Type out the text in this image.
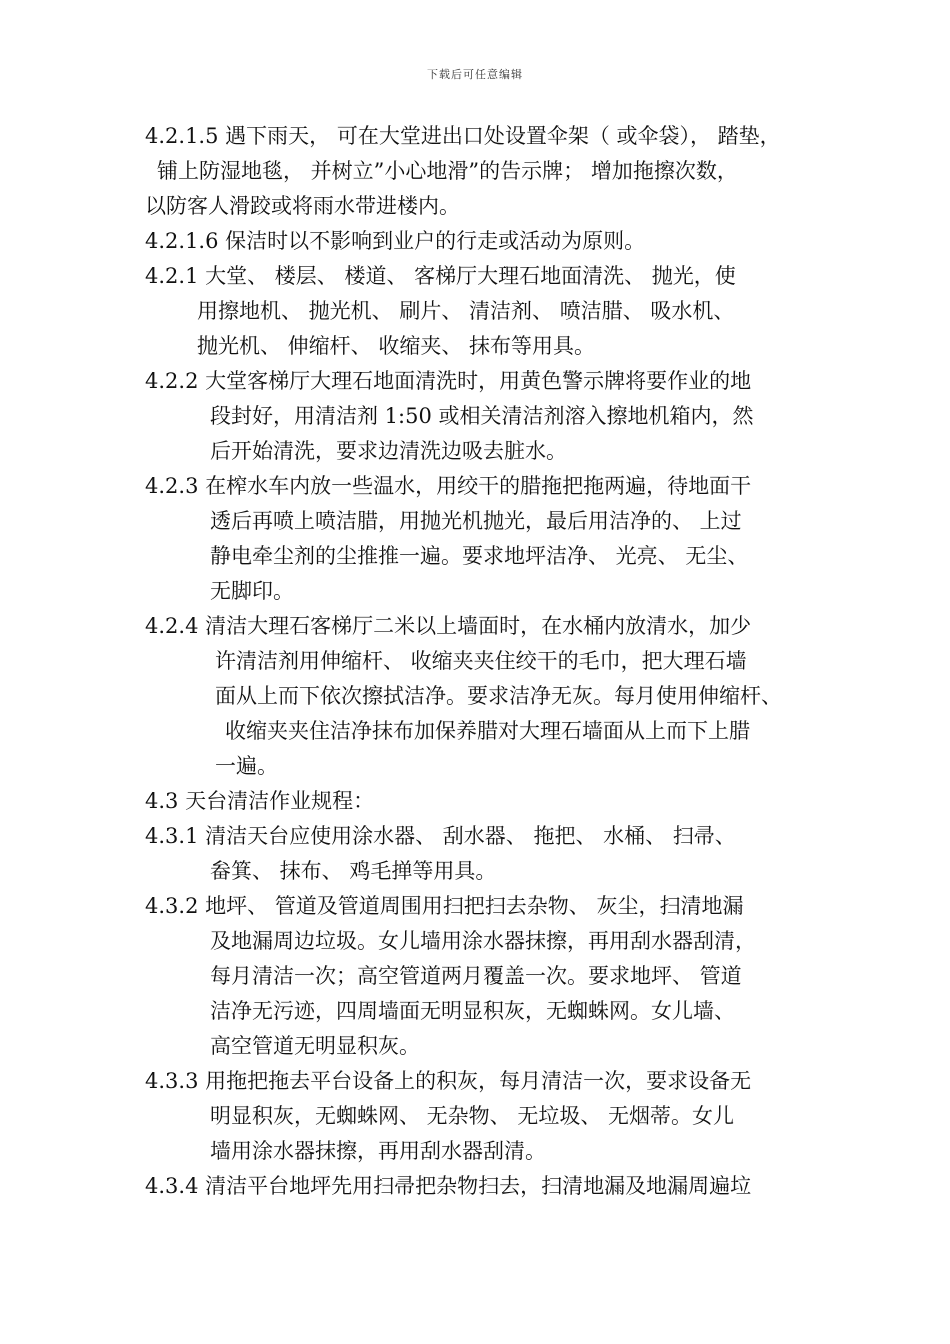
下载后可任意编辑
4.2.1.5 遇下雨天， 可在大堂进出口处设置伞架（ 或伞袋）， 踏垫，
铺上防湿地毯， 并树立”小心地滑”的告示牌； 增加拖擦次数，
以防客人滑跤或将雨水带进楼内。
4.2.1.6 保洁时以不影响到业户的行走或活动为原则。
4.2.1 大堂、 楼层、 楼道、 客梯厅大理石地面清洗、 抛光，使
用擦地机、 抛光机、 刷片、 清洁剂、 喷洁腊、 吸水机、
抛光机、 伸缩杆、 收缩夹、 抹布等用具。
4.2.2 大堂客梯厅大理石地面清洗时，用黄色警示牌将要作业的地
段封好，用清洁剂 1:50 或相关清洁剂溶入擦地机箱内，然
后开始清洗，要求边清洗边吸去脏水。
4.2.3 在榨水车内放一些温水，用绞干的腊拖把拖两遍，待地面干
透后再喷上喷洁腊，用抛光机抛光，最后用洁净的、 上过
静电牵尘剂的尘推推一遍。要求地坪洁净、 光亮、 无尘、
无脚印。
4.2.4 清洁大理石客梯厅二米以上墙面时，在水桶内放清水，加少
许清洁剂用伸缩杆、 收缩夹夹住绞干的毛巾，把大理石墙
面从上而下依次擦拭洁净。要求洁净无灰。每月使用伸缩杆、
收缩夹夹住洁净抹布加保养腊对大理石墙面从上而下上腊
一遍。
4.3 天台清洁作业规程：
4.3.1 清洁天台应使用涂水器、 刮水器、 拖把、 水桶、 扫帚、
畚箕、 抹布、 鸡毛掸等用具。
4.3.2 地坪、 管道及管道周围用扫把扫去杂物、 灰尘，扫清地漏
及地漏周边垃圾。女儿墙用涂水器抹擦，再用刮水器刮清，
每月清洁一次；高空管道两月覆盖一次。要求地坪、 管道
洁净无污迹，四周墙面无明显积灰，无蜘蛛网。女儿墙、
高空管道无明显积灰。
4.3.3 用拖把拖去平台设备上的积灰，每月清洁一次，要求设备无
明显积灰，无蜘蛛网、 无杂物、 无垃圾、 无烟蒂。女儿
墙用涂水器抹擦，再用刮水器刮清。
4.3.4 清洁平台地坪先用扫帚把杂物扫去，扫清地漏及地漏周遍垃
